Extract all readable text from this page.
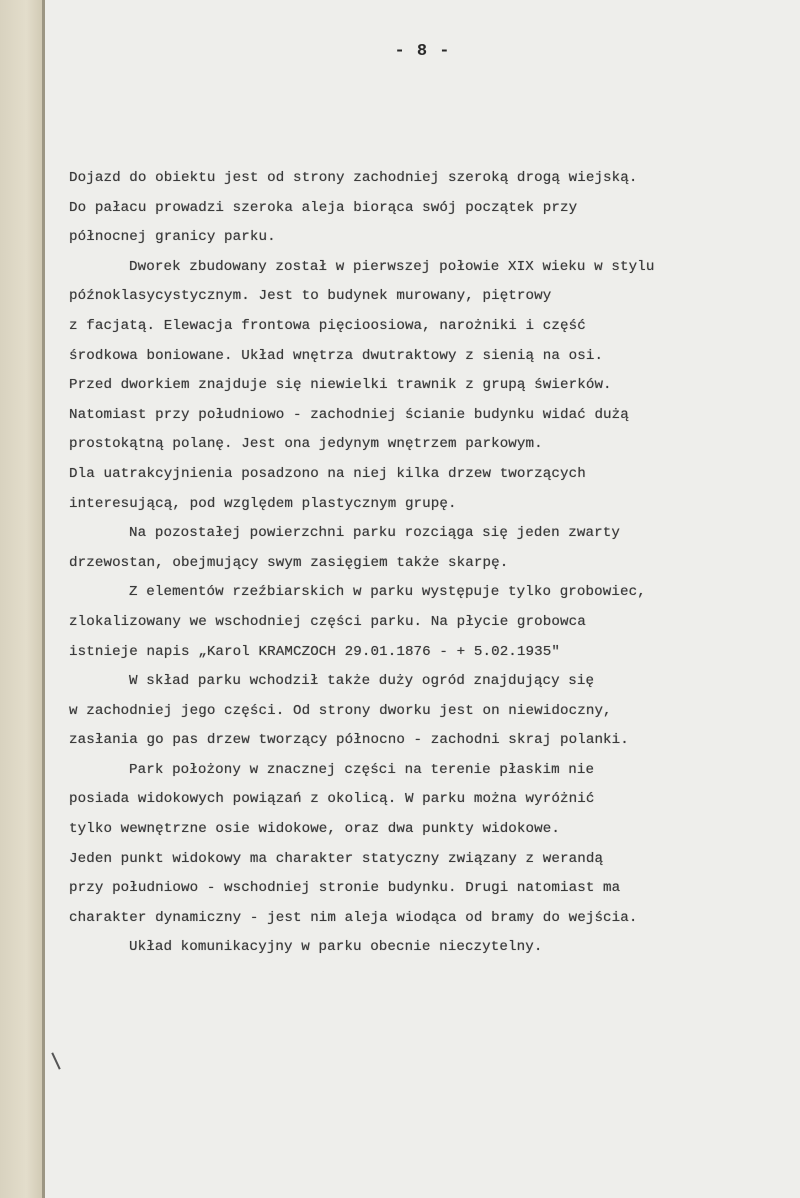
- 8 -
Dojazd do obiektu jest od strony zachodniej szeroką drogą wiejską.
Do pałacu prowadzi szeroka aleja biorąca swój początek przy
północnej granicy parku.
Dworek zbudowany został w pierwszej połowie XIX wieku w stylu
późnoklasycystycznym. Jest to budynek murowany, piętrowy
z facjatą. Elewacja frontowa pięcioosiowa, narożniki i część
środkowa boniowane. Układ wnętrza dwutraktowy z sienią na osi.
Przed dworkiem znajduje się niewielki trawnik z grupą świerków.
Natomiast przy południowo - zachodniej ścianie budynku widać dużą
prostokątną polanę. Jest ona jedynym wnętrzem parkowym.
Dla uatrakcyjnienia posadzono na niej kilka drzew tworzących
interesującą, pod względem plastycznym grupę.
Na pozostałej powierzchni parku rozciąga się jeden zwarty
drzewostan, obejmujący swym zasięgiem także skarpę.
Z elementów rzeźbiarskich w parku występuje tylko grobowiec,
zlokalizowany we wschodniej części parku. Na płycie grobowca
istnieje napis „Karol KRAMCZOCH 29.01.1876 - + 5.02.1935"
W skład parku wchodził także duży ogród znajdujący się
w zachodniej jego części. Od strony dworku jest on niewidoczny,
zasłania go pas drzew tworzący północno - zachodni skraj polanki.
Park położony w znacznej części na terenie płaskim nie
posiada widokowych powiązań z okolicą. W parku można wyróżnić
tylko wewnętrzne osie widokowe, oraz dwa punkty widokowe.
Jeden punkt widokowy ma charakter statyczny związany z werandą
przy południowo - wschodniej stronie budynku. Drugi natomiast ma
charakter dynamiczny - jest nim aleja wiodąca od bramy do wejścia.
Układ komunikacyjny w parku obecnie nieczytelny.
